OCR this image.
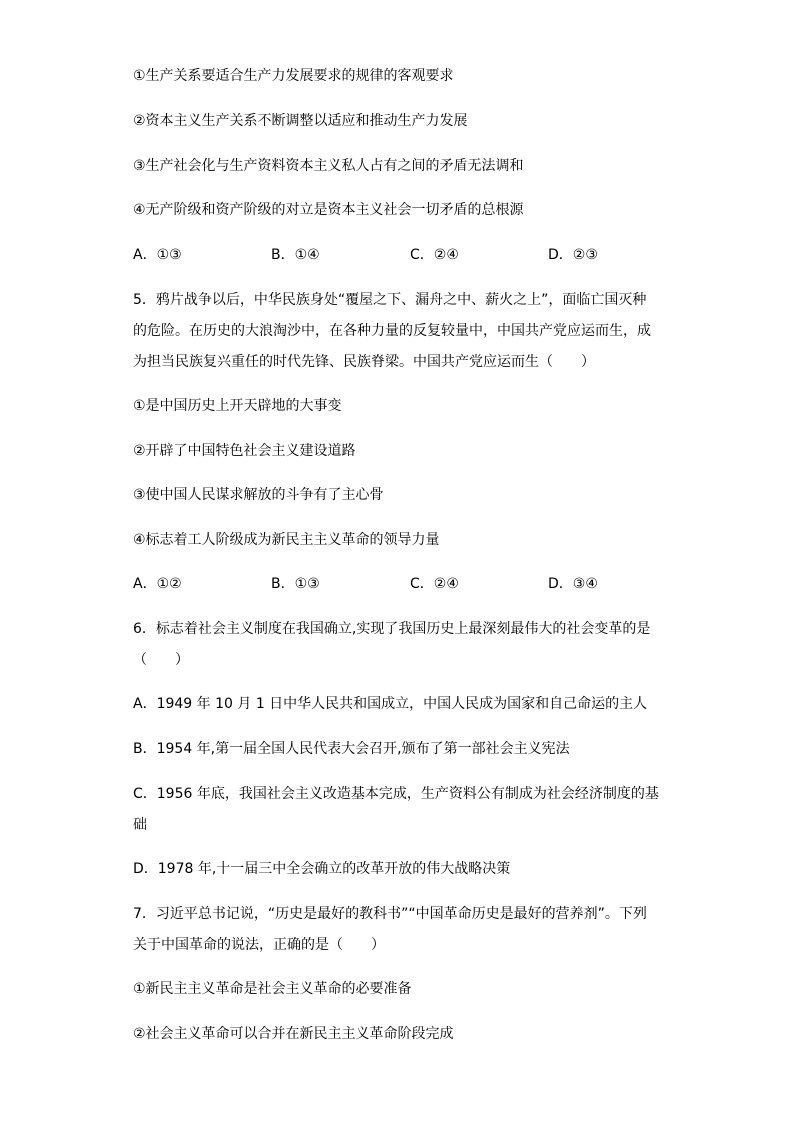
①生产关系要适合生产力发展要求的规律的客观要求
②资本主义生产关系不断调整以适应和推动生产力发展
③生产社会化与生产资料资本主义私人占有之间的矛盾无法调和
④无产阶级和资产阶级的对立是资本主义社会一切矛盾的总根源
A．①③	B．①④	C．②④	D．②③
5．鸦片战争以后，中华民族身处“覆屋之下、漏舟之中、薪火之上”，面临亡国灭种
的危险。在历史的大浪淘沙中，在各种力量的反复较量中，中国共产党应运而生，成
为担当民族复兴重任的时代先锋、民族脊梁。中国共产党应运而生（　　）
①是中国历史上开天辟地的大事变
②开辟了中国特色社会主义建设道路
③使中国人民谋求解放的斗争有了主心骨
④标志着工人阶级成为新民主主义革命的领导力量
A．①②	B．①③	C．②④	D．③④
6．标志着社会主义制度在我国确立,实现了我国历史上最深刻最伟大的社会变革的是
（　　）
A．1949 年 10 月 1 日中华人民共和国成立，中国人民成为国家和自己命运的主人
B．1954 年,第一届全国人民代表大会召开,颁布了第一部社会主义宪法
C．1956 年底，我国社会主义改造基本完成，生产资料公有制成为社会经济制度的基
础
D．1978 年,十一届三中全会确立的改革开放的伟大战略决策
7．习近平总书记说，“历史是最好的教科书”“中国革命历史是最好的营养剂”。下列
关于中国革命的说法，正确的是（　　）
①新民主主义革命是社会主义革命的必要准备
②社会主义革命可以合并在新民主主义革命阶段完成
